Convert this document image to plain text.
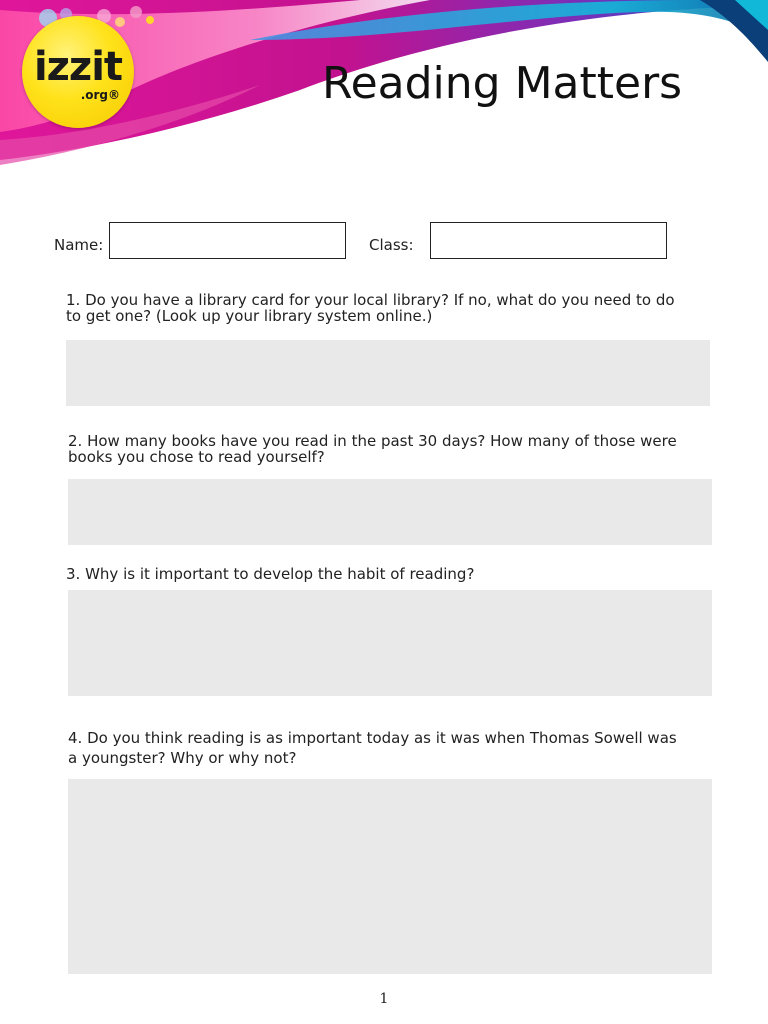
izzit
.org®	Reading Matters
Name:	Class:
1. Do you have a library card for your local library? If no, what do you need to do
to get one? (Look up your library system online.)
2. How many books have you read in the past 30 days? How many of those were
books you chose to read yourself?
3. Why is it important to develop the habit of reading?
4. Do you think reading is as important today as it was when Thomas Sowell was
a youngster? Why or why not?
1
